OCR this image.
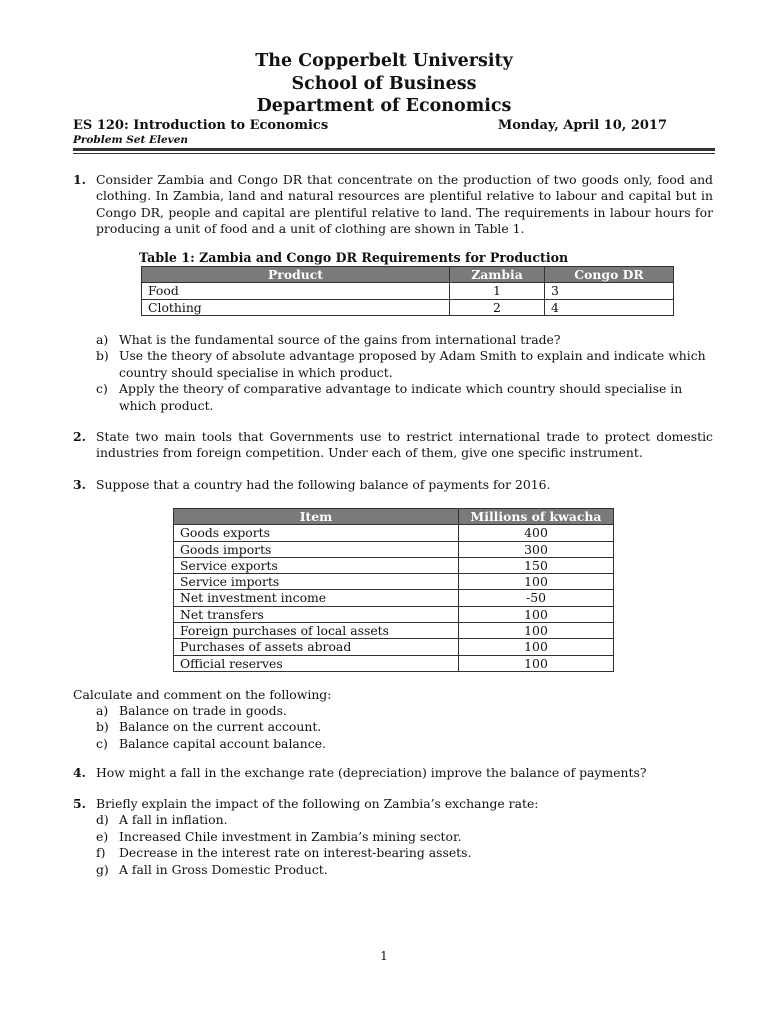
The Copperbelt University
School of Business
Department of Economics
ES 120: Introduction to Economics	Monday, April 10, 2017
Problem Set Eleven
1. Consider Zambia and Congo DR that concentrate on the production of two goods only, food and clothing. In Zambia, land and natural resources are plentiful relative to labour and capital but in Congo DR, people and capital are plentiful relative to land. The requirements in labour hours for producing a unit of food and a unit of clothing are shown in Table 1.
Table 1: Zambia and Congo DR Requirements for Production
Product	Zambia	Congo DR
Food	1	3
Clothing	2	4
a) What is the fundamental source of the gains from international trade?
b) Use the theory of absolute advantage proposed by Adam Smith to explain and indicate which country should specialise in which product.
c) Apply the theory of comparative advantage to indicate which country should specialise in which product.
2. State two main tools that Governments use to restrict international trade to protect domestic industries from foreign competition. Under each of them, give one specific instrument.
3. Suppose that a country had the following balance of payments for 2016.
Item	Millions of kwacha
Goods exports	400
Goods imports	300
Service exports	150
Service imports	100
Net investment income	-50
Net transfers	100
Foreign purchases of local assets	100
Purchases of assets abroad	100
Official reserves	100
Calculate and comment on the following:
a) Balance on trade in goods.
b) Balance on the current account.
c) Balance capital account balance.
4. How might a fall in the exchange rate (depreciation) improve the balance of payments?
5. Briefly explain the impact of the following on Zambia’s exchange rate:
d) A fall in inflation.
e) Increased Chile investment in Zambia’s mining sector.
f) Decrease in the interest rate on interest-bearing assets.
g) A fall in Gross Domestic Product.
1
